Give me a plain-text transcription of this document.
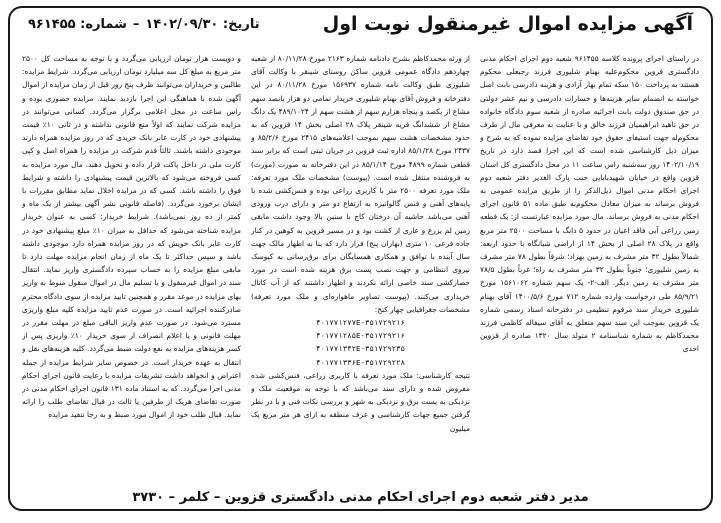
آگهی مزایده اموال غیرمنقول نوبت اول
تاریخ: ۱۴۰۲/۰۹/۳۰
–
شماره: ۹۶۱۴۵۵

در راستای اجرای پرونده کلاسه ۹۶۱۴۵۵ شعبه دوم اجرای احکام مدنی دادگستری قزوین محکوم‌علیه بهنام شلیوری فرزند رجبعلی محکوم هستند به پرداخت ۱۵۰ سکه تمام بهار آزادی و هزینه دادرسی بابت اصل خواسته به انضمام سایر هزینه‌ها و خسارات دادرسی و نیم عشر دولتی در حق صندوق دولت بابت اجرائیه صادره از شعبه سوم دادگاه خانواده در حق تاهید ابراهیمیان فرزند خالق و با عنایت به معرفی مال از طرف محکوم‌له جهت استیفای حقوق خود تقاضای مزایده نموده که به شرح و میزان ذیل کارشناسی شده است که این اجرا قصد دارد در تاریخ ۱۴۰۲/۱۰/۱۹ روز سه‌شنبه راس ساعت ۱۱ در محل دادگستری کل استان قزوین واقع در خیابان شهیدبابایی جنب پارک الغدیر دفتر شعبه دوم اجرای احکام مدنی اموال ذیل‌الذکر را از طریق مزایده عمومی به فروش برساند به میزان معادل محکوم‌به طبق ماده ۵۱ قانون اجرای احکام مدنی به فروش برساند. مال مورد مزایده عبارتست از: یک قطعه زمین زراعی آبی فاقد اعیان در حدود ۵ دانگ با مساحت ۲۵۰۰ متر مربع واقع در پلاک ۲۸ اصلی از بخش ۱۴ از اراضی شبانگاه با حدود اربعه: شمالاً بطول ۳۲ متر مشرف به زمین بهزاد؛ شرقاً بطول ۷۸ متر مشرف به زمین شلیوری؛ جنوباً بطول ۳۲ متر مشرف به راه؛ غرباً بطول ۷۸/۵ متر مشرف به زمین دیگر. الف-۲- یک سهم شماره ۱۵۶۱۰۶۲ مورخ ۸۵/۹/۲۱ طی درخواست وارده شماره ۷۱۲ مورخ ۱۴۰۰/۵/۶ آقای بهنام شلیوری خریدار سند مرقوم تنظیمی در دفترخانه اسناد رسمی شماره یک قزوین بموجب این سند سهم متعلق به آقای سیفاله کاظمی فرزند محمدکاظم به شماره شناسنامه ۲ متولد سال ۱۳۲۰ صادره از قزوین احدی

از ورثه محمدکاظم بشرح دادنامه شماره ۲۱۶۳ مورخ ۸۰/۱۱/۲۸ از شعبه چهاردهم دادگاه عمومی قزوین ساکن روستای شینقر با وکالت آقای شلیوری طبق وکالت نامه شماره ۱۵۶۹۳۷ مورخ ۸۰/۱۱/۲۸ در این دفترخانه و فروش آقای بهنام شلیوری خریدار تمامی دو هزار یانصد سهم مشاع از یکصد و پنجاه هزارم سهم از هشت سهم از ۴۸۹/۱۰۲۴ یک دانگ مشاع از ششدانگ قریه شینقر پلاک ۲۸ اصلی بخش ۱۴ قزوین که به حدود مشخصات هشت سهم بموجب اعلامیه‌های ۲۴۱۵ مورخ ۸۵/۲/۶ و ۲۴۳۷ مورخ ۸۵/۱/۲۸ اداره ثبت قزوین در جریان ثبتی است که برابر سند قطعی شماره ۴۸۹۹ مورخ ۸۵/۱/۱۴ در این دفترخانه به صورت (مورث) به فروشنده منتقل شده است. (پیوست) مشخصات ملک مورد تعرفه: ملک مورد تعرفه ۲۵۰۰ متر با کاربری زراعی بوده و فنس‌کشی شده با پایه‌های آهنی و فنس گالوانیزه به ارتفاع دو متر و دارای درب ورودی آهنی می‌باشد حاشیه آن درختان کاج با سنین بالا وجود داشت مابقی زمین لم یزرع و عاری از کشت بود و در مسیر قزوین به کوهین در کنار جاده فرعی ۱۰ متری (بهاران پنج) قرار دارد که بنا به اظهار مالک جهت سال آینده با توافق و همکاری همسایگان برای برق‌رسانی به کیوسک نیروی انتظامی و جهت نصب پست برق هزینه شده است در مورد حصار‌‌‌‌‌‌کشی سند خاصی ارائه نکردند و اظهار داشتند که از آب کانال خریداری می‌کنند. (پیوست تصاویر ماهواره‌ای و ملک مورد تعرفه) مشخصات جغرافیایی چهار کنج:

۴۰۱۷۷۱۲۷۷E-۳۵۱۷۲۹۲۱۶
۴۰۱۷۷۱۲۸۵E-۳۵۱۷۲۹۲۱۶
۴۰۱۷۷۱۳۴۲E-۳۵۱۷۲۹۲۳۵
۴۰۱۷۷۱۳۳۶E-۳۵۱۷۲۹۲۲۸

نتیجه کارشناسی: ملک مورد تعرفه با کاربری زراعی، فنس‌کشی شده مفروض شده و دارای سند می‌باشد که با توجه به موقعیت ملک و نزدیکی به پست برق و نزدیکی به شهر و بررسی نکات فنی و با در نظر گرفتن جمیع جهات کارشناسی و عرف منطقه به ازای هر متر مربع یک میلیون

و دویست هزار تومان ارزیابی می‌گردد و با توجه به مساحت کل ۲۵۰۰ متر مربع به مبلغ کل سه میلیارد تومان ارزیابی می‌گردد. شرایط مزایده: طالبین و خریداران می‌توانند ظرف پنج روز قبل از زمان مزایده از اموال آگهی شده با هماهنگی این اجرا بازدید نمایند. مزایده حضوری بوده و راس ساعت در محل اعلامی برگزار می‌گردد. کسانی می‌توانند در مزایده شرکت نمایند که اولاً متع قانونی نداشته و در ثانی ۱۰٪ قیمت پیشنهادی خود در کارت عابر بانک خریدی که در روز مزایده همراه دارند موجودی داشته باشند. ثالثاً قدم شرکت در مزایده را همراه اصل و کپی کارت ملی در داخل پاکت قرار داده و تحویل دهند. مال مورد مزایده به کسی فروخته می‌شود که بالاترین قیمت پیشنهادی را داشته و شرایط فوق را داشته باشد. کسی که در مزایده اخلال نماید مطابق مقررات با ایشان برخورد می‌گردد. (فاصله قانونی نشر آگهی بیشتر از یک ماه و کمتر از ده روز نمی‌باشد). شرایط خریدار: کسی به عنوان خریدار مزایده شناخته می‌شود که حداقل به میزان ۱۰٪ مبلغ پیشنهادی خود در کارت عابر بانک خویش که در روز مزایده همراه دارد موجودی داشته باشد و سپس حداکثر تا یک ماه از زمان انجام مزایده مهلت دارد تا مابقی مبلغ مزایده را به حساب سپرده دادگستری واریز نماید. انتقال سند در اموال غیرمنقول و یا تسلیم مال در اموال منقول منوط به واریز بهای مزایده در موعد مقرر و همچنین تایید مزایده از سوی دادگاه محترم صادرکننده اجرائیه است. در صورت عدم تایید مزایده کلیه مبلغ واریزی مسترد می‌شود. در صورت عدم واریز الباقی مبلغ در مهلت مقرر در مهلت قانونی و یا اعلام انصراف از سوی خریدار ۱۰٪ واریزی پس از کسر هزینه‌های مزایده به نفع دولت ضبط می‌گردد. کلیه هزینه‌های نقل و انتقال به عهده خریدار است. در خصوص سایر شرایط مزایده از جمله اعتراض و انخواهد داشت تشریفات مزایده با رعایت قانون اجرای احکام مدنی اجرا می‌گردد. که به استناد ماده ۱۳۱ قانون اجرای احکام مدنی در صورت تقاضای هریک از طرفین یا ثالث در قبال تقاضای طلب را ارائه نماید. قبال طلب خود از اموال مورد ضبط و به رجا تنفیذ مزایده

مدیر دفتر شعبه دوم اجرای احکام مدنی دادگستری قزوین – کلمر – ۳۷۳۰
